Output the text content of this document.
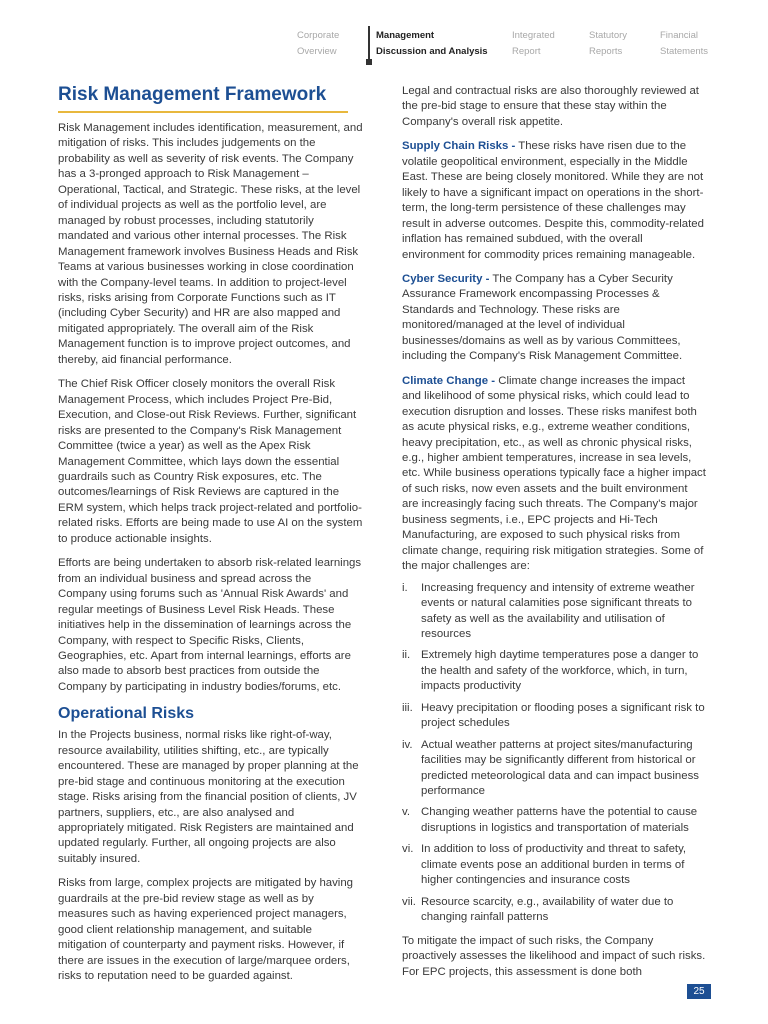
Corporate
Overview
Management
Discussion and Analysis
Integrated
Report
Statutory
Reports
Financial
Statements
Risk Management Framework

Risk Management includes identification, measurement, and mitigation of risks. This includes judgements on the probability as well as severity of risk events. The Company has a 3-pronged approach to Risk Management – Operational, Tactical, and Strategic. These risks, at the level of individual projects as well as the portfolio level, are managed by robust processes, including statutorily mandated and various other internal processes. The Risk Management framework involves Business Heads and Risk Teams at various businesses working in close coordination with the Company-level teams. In addition to project-level risks, risks arising from Corporate Functions such as IT (including Cyber Security) and HR are also mapped and mitigated appropriately. The overall aim of the Risk Management function is to improve project outcomes, and thereby, aid financial performance.

The Chief Risk Officer closely monitors the overall Risk Management Process, which includes Project Pre-Bid, Execution, and Close-out Risk Reviews. Further, significant risks are presented to the Company's Risk Management Committee (twice a year) as well as the Apex Risk Management Committee, which lays down the essential guardrails such as Country Risk exposures, etc. The outcomes/learnings of Risk Reviews are captured in the ERM system, which helps track project-related and portfolio-related risks. Efforts are being made to use AI on the system to produce actionable insights.

Efforts are being undertaken to absorb risk-related learnings from an individual business and spread across the Company using forums such as 'Annual Risk Awards' and regular meetings of Business Level Risk Heads. These initiatives help in the dissemination of learnings across the Company, with respect to Specific Risks, Clients, Geographies, etc. Apart from internal learnings, efforts are also made to absorb best practices from outside the Company by participating in industry bodies/forums, etc.

Operational Risks

In the Projects business, normal risks like right-of-way, resource availability, utilities shifting, etc., are typically encountered. These are managed by proper planning at the pre-bid stage and continuous monitoring at the execution stage. Risks arising from the financial position of clients, JV partners, suppliers, etc., are also analysed and appropriately mitigated. Risk Registers are maintained and updated regularly. Further, all ongoing projects are also suitably insured.

Risks from large, complex projects are mitigated by having guardrails at the pre-bid review stage as well as by measures such as having experienced project managers, good client relationship management, and suitable mitigation of counterparty and payment risks. However, if there are issues in the execution of large/marquee orders, risks to reputation need to be guarded against.

Legal and contractual risks are also thoroughly reviewed at the pre-bid stage to ensure that these stay within the Company's overall risk appetite.

Supply Chain Risks - These risks have risen due to the volatile geopolitical environment, especially in the Middle East. These are being closely monitored. While they are not likely to have a significant impact on operations in the short-term, the long-term persistence of these challenges may result in adverse outcomes. Despite this, commodity-related inflation has remained subdued, with the overall environment for commodity prices remaining manageable.

Cyber Security - The Company has a Cyber Security Assurance Framework encompassing Processes & Standards and Technology. These risks are monitored/managed at the level of individual businesses/domains as well as by various Committees, including the Company's Risk Management Committee.

Climate Change - Climate change increases the impact and likelihood of some physical risks, which could lead to execution disruption and losses. These risks manifest both as acute physical risks, e.g., extreme weather conditions, heavy precipitation, etc., as well as chronic physical risks, e.g., higher ambient temperatures, increase in sea levels, etc. While business operations typically face a higher impact of such risks, now even assets and the built environment are increasingly facing such threats. The Company's major business segments, i.e., EPC projects and Hi-Tech Manufacturing, are exposed to such physical risks from climate change, requiring risk mitigation strategies. Some of the major challenges are:

i. Increasing frequency and intensity of extreme weather events or natural calamities pose significant threats to safety as well as the availability and utilisation of resources
ii. Extremely high daytime temperatures pose a danger to the health and safety of the workforce, which, in turn, impacts productivity
iii. Heavy precipitation or flooding poses a significant risk to project schedules
iv. Actual weather patterns at project sites/manufacturing facilities may be significantly different from historical or predicted meteorological data and can impact business performance
v. Changing weather patterns have the potential to cause disruptions in logistics and transportation of materials
vi. In addition to loss of productivity and threat to safety, climate events pose an additional burden in terms of higher contingencies and insurance costs
vii. Resource scarcity, e.g., availability of water due to changing rainfall patterns

To mitigate the impact of such risks, the Company proactively assesses the likelihood and impact of such risks. For EPC projects, this assessment is done both

25
